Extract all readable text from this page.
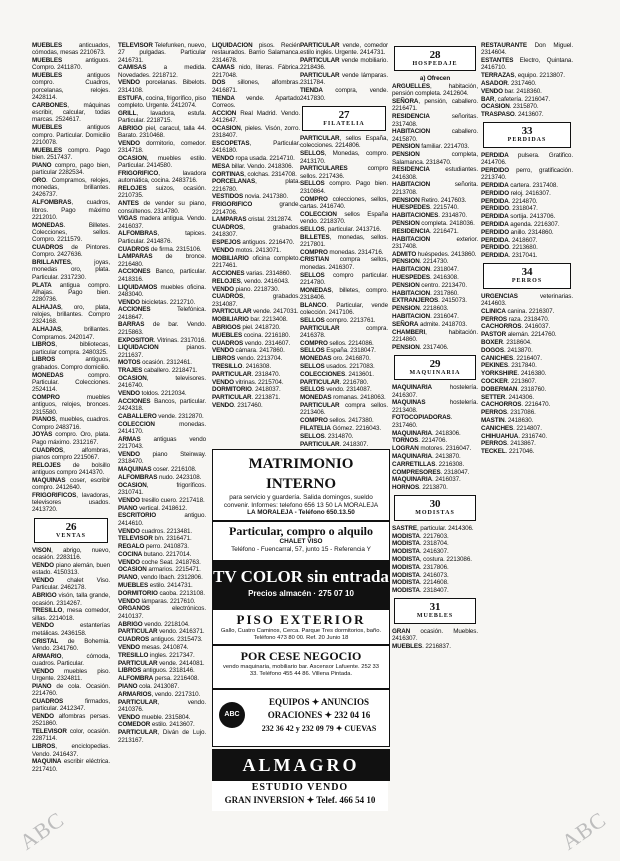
MUEBLES anticuados, cómodas, mesas 2210673.

MUEBLES antiguos. Compro. 2411870.

MUEBLES antiguos compro. Cuadros, porcelanas, relojes. 2428114.

CARBONES, máquinas escribir, calcular, todas marcas. 2524617.

MUEBLES antiguos compro. Particular. Domicilio 2210078.

MUEBLES compro. Pago bien. 2517437.

PIANO compro, pago bien, particular 2282534.

ORO. Compramos, relojes, monedas, brillantes. 2426737.

ALFOMBRAS, cuadros, libros. Pago máximo 2212010.

MONEDAS. Billetes. Colecciones, sellos. Compro. 2211579.

CUADROS de Pintores. Compro. 2427636.

BRILLANTES, joyas, monedas oro, plata. Particular. 2317230.

PLATA antigua compro. Alhajas. Pago bien. 2280736.

ALHAJAS, oro, plata, relojes, brillantes. Compro 2324168.

ALHAJAS, brillantes. Compramos. 2420147.

LIBROS, bibliotecas, particular compra. 2480325.

LIBROS antiguos, grabados. Compro domicilio.

MONEDAS compro. Particular. Colecciones. 2524114.

COMPRO muebles antiguos, relojes, bronces. 2315580.

PIANOS, muebles, cuadros. Compro 2483716.

JOYAS compro. Oro, plata. Pago máximo. 2312167.

CUADROS, alfombras, pianos compro 2215067.

RELOJES de bolsillo antiguos compro 2414370.

MAQUINAS coser, escribir compro. 2412640.

FRIGORIFICOS, lavadoras, televisores usados. 2413720.

26
VENTAS

VISON, abrigo, nuevo, ocasión. 2283116.

VENDO piano alemán, buen estado. 4150313.

VENDO chalet Viso. Particular. 2462178.

ABRIGO visón, talla grande, ocasión. 2314267.

TRESILLO, mesa comedor, sillas. 2214018.

VENDO estanterías metálicas. 2436158.

CRISTAL de Bohemia. Vendo. 2341760.

ARMARIO, cómoda, cuadros. Particular.

VENDO muebles piso. Urgente. 2324811.

PIANO de cola. Ocasión. 2214760.

CUADROS firmados, particular. 2412347.

VENDO alfombras persas. 2521860.

TELEVISOR color, ocasión. 2287114.

LIBROS, enciclopedias. Vendo. 2416437.

MAQUINA escribir eléctrica. 2217410.

TELEVISOR Telefunken, nuevo, 27 pulgadas. Particular 2416731.

CAMISAS a medida. Novedades. 2218712.

VENDO porcelanas. Bibelots. 2314108.

ESTUFA, cocina, frigorífico, piso completo. Urgente. 2412074.

GRILL, lavadora, estufa. Particular. 2218715.

ABRIGO piel, caracul, talla 44. Barato. 2310468.

VENDO dormitorio, comedor. 2314718.

OCASION, muebles estilo. Particular. 2414580.

FRIGORIFICO, lavadora automática, cocina. 2483716.

RELOJES suizos, ocasión. 2210735.

ANTES de vender su piano, consúltenos. 2314780.

VIGAS madera antigua. Vendo. 2416037.

ALFOMBRAS, tapices. Particular. 2414876.

CUADROS de firma. 2315106.

LAMPARAS de bronce. 2216480.

ACCIONES Banco, particular. 2418316.

LIQUIDAMOS muebles oficina. 2483040.

VENDO bicicletas. 2212710.

ACCIONES Telefónica. 2418647.

BARRAS de bar. Vendo. 2215863.

EXPOSITOR. Vitrinas. 2317016.

LIQUIDACION pianos. 2211637.

MOTOS ocasión. 2312461.

TRAJES caballero. 2218471.

OCASION, televisores. 2416740.

VENDO toldos. 2212034.

ACCIONES Bancos, particular. 2424318.

CABALLERO vende. 2312870.

COLECCION monedas. 2414170.

ARMAS antiguas vendo 2217043.

VENDO piano Steinway. 2318470.

MAQUINAS coser. 2216108.

ALFOMBRAS nudo. 2423108.

OCASION, frigoríficos. 2310741.

VENDO tresillo cuero. 2217418.

PIANO vertical. 2418612.

ESCRITORIO antiguo. 2414610.

VENDO cuadros. 2213481.

TELEVISOR b/n. 2316471.

REGALO perro. 2410873.

COCINA butano. 2217014.

VENDO coche Seat. 2418763.

OCASION armarios. 2215471.

PIANO, vendo Ibach. 2312806.

MUEBLES estilo. 2414731.

DORMITORIO caoba. 2213108.

VENDO lámparas. 2217610.

ORGANOS electrónicos. 2410137.

ABRIGO vendo. 2218104.

PARTICULAR vendo. 2416371.

CUADROS antiguos. 2315473.

VENDO mesas. 2410874.

TRESILLO ingles. 2217347.

PARTICULAR vende. 2414081.

LIBROS antiguos. 2318146.

ALFOMBRA persa. 2216408.

PIANO cola. 2413087.

ARMARIOS, vendo. 2217310.

PARTICULAR, vendo. 2410376.

VENDO mueble. 2315804.

COMEDOR estilo. 2413607.

PARTICULAR, Diván de Lujo. 2213167.

LIQUIDACION pisos. Recién restaurados. Barrio Salamanca. 2314678.

CAMAS nido, literas. Fábrica. 2217048.

DOS sillones, alfombras. 2416871.

TIENDA vende. Apartado Correos.

ACCION Real Madrid. Vendo. 2412647.

OCASION, pieles. Visón, zorro. 2318407.

ESCOPETAS, Particular. 2416180.

VENDO ropa usada. 2214710.

MESA billar. Vendo. 2418306.

CORTINAS, colchas. 2314708.

PORCELANAS, plata. 2216780.

VESTIDOS novia. 2417380.

FRIGORIFICO grande. 2214706.

LAMPARAS cristal. 2312874.

CUADROS, grabados. 2418307.

ESPEJOS antiguos. 2216470.

VENDO motos. 2413071.

MOBILIARIO oficina completo. 2217461.

ACCIONES varias. 2314860.

RELOJES, vendo. 2416043.

VENDO piano. 2218730.

CUADROS, grabados. 2314087.

PARTICULAR vende. 2417031.

MOBILIARIO bar. 2213408.

ABRIGOS piel. 2418720.

MUEBLES cocina. 2216180.

CUADROS vendo. 2314607.

VENDO cámara. 2417860.

LIBROS vendo. 2213704.

TRESILLO. 2416308.

PARTICULAR. 2318470.

VENDO vitrinas. 2215704.

DORMITORIO. 2418037.

PARTICULAR. 2213871.

VENDO. 2317460.

PARTICULAR vende, comedor estilo inglés. Urgente. 2414731.

PARTICULAR vende mobiliario. 2218436.

PARTICULAR vende lámparas. 2311784.

TIENDA compra, vende. 2417830.

27
FILATELIA

PARTICULAR, sellos España, colecciones. 2214806.

SELLOS, Monedas, compro. 2413170.

PARTICULARES compro sellos. 2217436.

SELLOS compro. Pago bien. 2310864.

COMPRO colecciones, sellos, cartas. 2416740.

COLECCION sellos España vendo. 2218370.

SELLOS, particular. 2413716.

BILLETES, monedas, sellos. 2217801.

COMPRO monedas. 2314716.

CRISTIAN compra sellos, monedas. 2416307.

SELLOS compro particular. 2214780.

MONEDAS, billetes, compro. 2318406.

BLANCO. Particular, vende colección. 2417106.

SELLOS compro. 2213761.

PARTICULAR compra. 2416378.

COMPRO sellos. 2214086.

SELLOS España. 2318047.

MONEDAS oro. 2416870.

SELLOS usados. 2217083.

COLECCIONES. 2413601.

PARTICULAR. 2216780.

SELLOS vendo. 2314087.

MONEDAS romanas. 2418063.

PARTICULAR compra sellos. 2213406.

COMPRO sellos. 2417380.

FILATELIA Gómez. 2216043.

SELLOS. 2314870.

PARTICULAR. 2418307.

28
HOSPEDAJE

a) Ofrecen

ARGUELLES, habitación, pensión completa. 2412604.

SEÑORA, pensión, caballero. 2216471.

RESIDENCIA señoritas. 2317408.

HABITACION caballero. 2415870.

PENSION familiar. 2214703.

PENSION completa, Salamanca. 2318470.

RESIDENCIA estudiantes. 2416308.

HABITACION señorita. 2213708.

PENSION Retiro. 2417603.

HUESPEDES. 2215740.

HABITACIONES. 2314870.

PENSION completa. 2418036.

RESIDENCIA. 2216471.

HABITACION exterior. 2317408.

ADMITO huéspedes. 2413860.

PENSION. 2214730.

HABITACION. 2318047.

HUESPEDES. 2416308.

PENSION centro. 2213470.

HABITACION. 2317860.

EXTRANJEROS. 2415073.

PENSION. 2218603.

HABITACION. 2316047.

SEÑORA admite. 2418703.

CHAMBERI, habitación. 2214860.

PENSION. 2317406.

29
MAQUINARIA

MAQUINARIA hostelería. 2416307.

MAQUINAS hostelería. 2213408.

FOTOCOPIADORAS. 2317460.

MAQUINARIA. 2418306.

TORNOS. 2214706.

LOGRAN motores. 2316047.

MAQUINARIA. 2413870.

CARRETILLAS. 2216308.

COMPRESORES. 2318047.

MAQUINARIA. 2416037.

HORNOS. 2213870.

30
MODISTAS

SASTRE, particular. 2414306.

MODISTA. 2217603.

MODISTA. 2318704.

MODISTA. 2416307.

MODISTA, costura. 2213086.

MODISTA. 2317806.

MODISTA. 2416073.

MODISTA. 2214608.

MODISTA. 2318407.

31
MUEBLES

GRAN ocasión. Muebles. 2416307.

MUEBLES. 2216837.

RESTAURANTE Don Miguel. 2314604.

ESTANTES Electro, Quintana. 2416710.

TERRAZAS, equipo. 2213807.

ASADOR. 2317460.

VENDO bar. 2418360.

BAR, cafetería. 2216047.

OCASION. 2315870.

TRASPASO. 2413607.

33
PERDIDAS

PERDIDA pulsera. Gratifico. 2414706.

PERDIDO perro, gratificación. 2213740.

PERDIDA cartera. 2317408.

PERDIDO reloj. 2416307.

PERDIDA. 2214870.

PERDIDO. 2318047.

PERDIDA sortija. 2413706.

PERDIDA agenda. 2216307.

PERDIDO anillo. 2314860.

PERDIDA. 2418607.

PERDIDO. 2213680.

PERDIDA. 2317041.

34
PERROS

URGENCIAS veterinarias. 2414603.

CLINICA canina. 2216307.

PERROS raza. 2318470.

CACHORROS. 2416037.

PASTOR alemán. 2214760.

BOXER. 2318604.

DOGOS. 2413870.

CANICHES. 2216407.

PEKINES. 2317840.

YORKSHIRE. 2416380.

COCKER. 2213607.

DOBERMAN. 2318760.

SETTER. 2414306.

CACHORROS. 2216470.

PERROS. 2317086.

MASTIN. 2418630.

CANICHES. 2214807.

CHIHUAHUA. 2316740.

PERROS. 2413867.

TECKEL. 2217046.

MATRIMONIO INTERNO
para servicio y guardería. Salida domingos, sueldo convenir. Informes: telefono 656 13 50 LA MORALEJA
LA MORALEJA - Teléfono 650.13.50
Particular, compro o alquilo
CHALET VISO
Teléfono - Fuencarral, 57, junto 15 - Referencia Y
TV COLOR sin entrada
Precios almacén · 275 07 10
PISO EXTERIOR
Gallo, Cuatro Caminos, Cerca. Parque Tres dormitorios, baño. Teléfono 473 80 00. Ref. 20 Junio 18
POR CESE NEGOCIO
vendo maquinaria, mobiliario bar. Ascensor Lafuente. 252 33 33. Teléfono 455 44 86. Villena Pintada.
ABC
EQUIPOS ✦ ANUNCIOS
ORACIONES ✦ 232 04 16
232 36 42 y 232 09 79 ✦ CUEVAS
ALMAGRO
ESTUDIO VENDO
GRAN INVERSION ✦ Telef. 466 54 10
ABC	ABC
